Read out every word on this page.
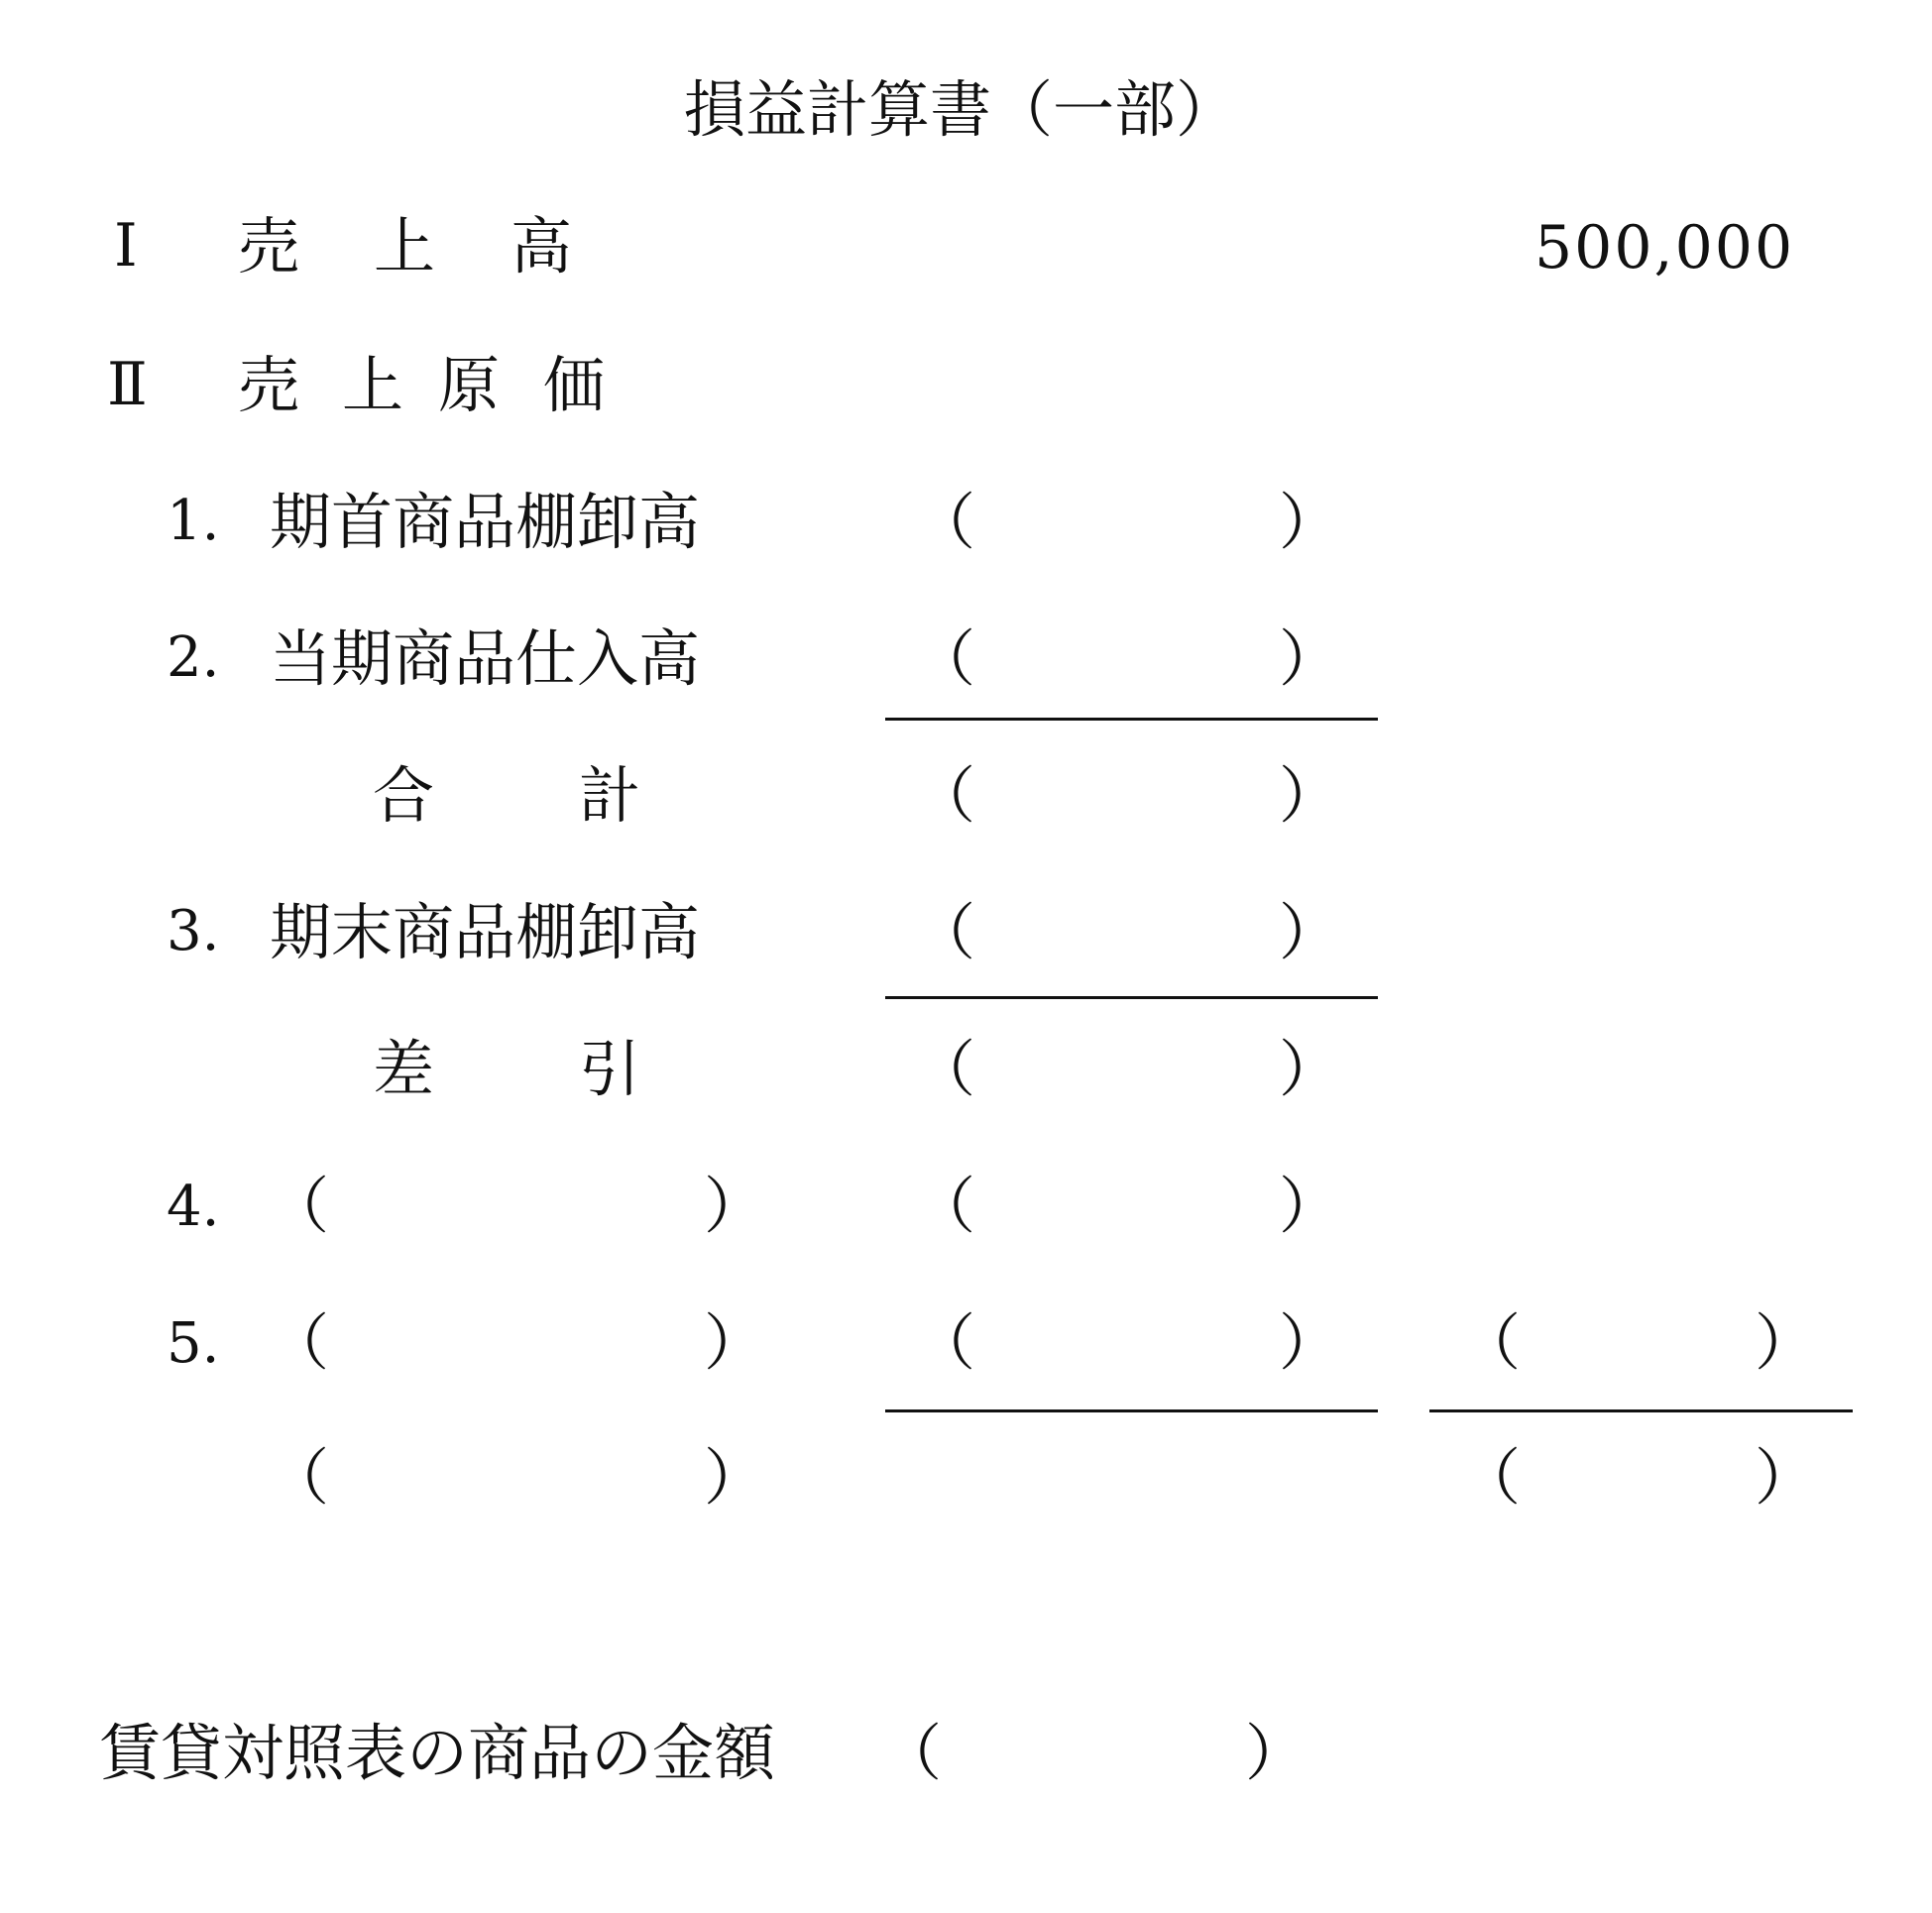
損益計算書（一部）
Ⅰ 売 上 高	500,000
Ⅱ 売 上 原 価
1. 期首商品棚卸高	（	）
2. 当期商品仕入高	（	）
合 計	（	）
3. 期末商品棚卸高	（	）
差 引	（	）
4. （	） （	）
5. （	） （	） （	）
（	）	（	）
賃貸対照表の商品の金額 （	）
